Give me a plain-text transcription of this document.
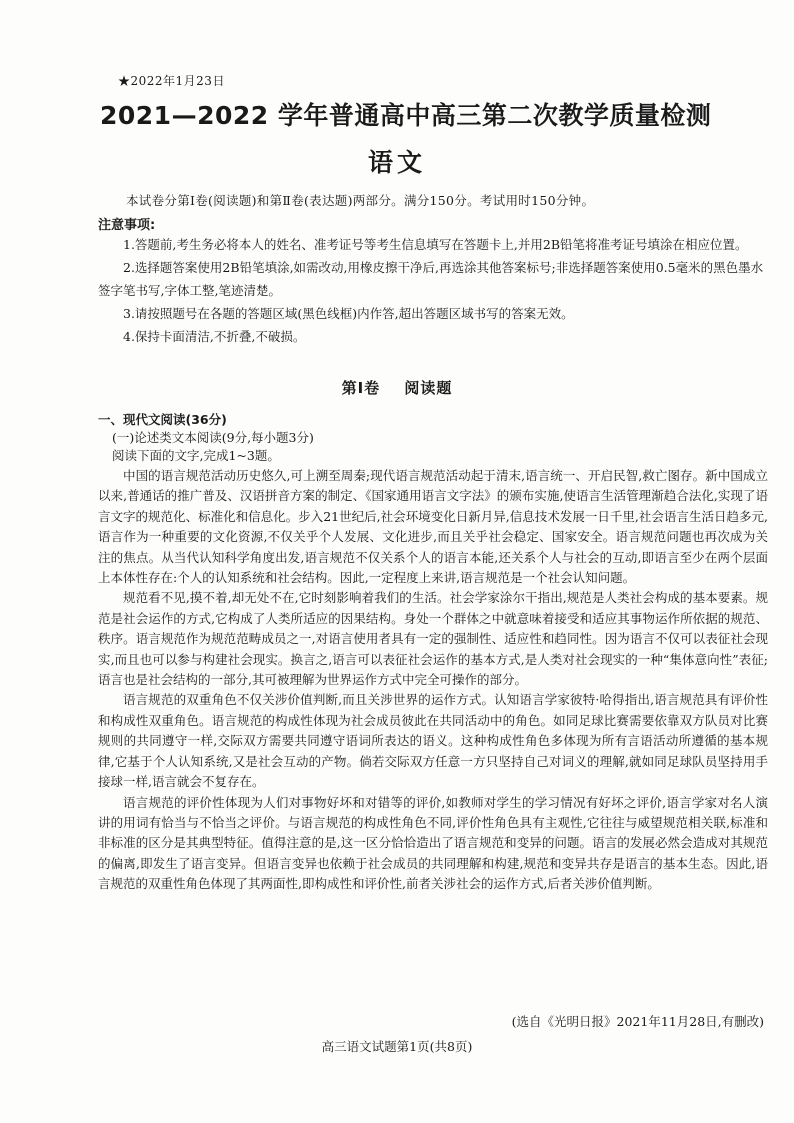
★2022年1月23日
2021—2022 学年普通高中高三第二次教学质量检测
语文
本试卷分第Ⅰ卷(阅读题)和第Ⅱ卷(表达题)两部分。满分150分。考试用时150分钟。
注意事项:

1.答题前,考生务必将本人的姓名、准考证号等考生信息填写在答题卡上,并用2B铅笔将准考证号填涂在相应位置。

2.选择题答案使用2B铅笔填涂,如需改动,用橡皮擦干净后,再选涂其他答案标号;非选择题答案使用0.5毫米的黑色墨水签字笔书写,字体工整,笔迹清楚。

3.请按照题号在各题的答题区域(黑色线框)内作答,超出答题区域书写的答案无效。

4.保持卡面清洁,不折叠,不破损。

第Ⅰ卷 阅读题
一、现代文阅读(36分)
(一)论述类文本阅读(9分,每小题3分)
阅读下面的文字,完成1~3题。

中国的语言规范活动历史悠久,可上溯至周秦;现代语言规范活动起于清末,语言统一、开启民智,救亡图存。新中国成立以来,普通话的推广普及、汉语拼音方案的制定、《国家通用语言文字法》的颁布实施,使语言生活管理渐趋合法化,实现了语言文字的规范化、标准化和信息化。步入21世纪后,社会环境变化日新月异,信息技术发展一日千里,社会语言生活日趋多元,语言作为一种重要的文化资源,不仅关乎个人发展、文化进步,而且关乎社会稳定、国家安全。语言规范问题也再次成为关注的焦点。从当代认知科学角度出发,语言规范不仅关系个人的语言本能,还关系个人与社会的互动,即语言至少在两个层面上本体性存在:个人的认知系统和社会结构。因此,一定程度上来讲,语言规范是一个社会认知问题。

规范看不见,摸不着,却无处不在,它时刻影响着我们的生活。社会学家涂尔干指出,规范是人类社会构成的基本要素。规范是社会运作的方式,它构成了人类所适应的因果结构。身处一个群体之中就意味着接受和适应其事物运作所依据的规范、秩序。语言规范作为规范范畴成员之一,对语言使用者具有一定的强制性、适应性和趋同性。因为语言不仅可以表征社会现实,而且也可以参与构建社会现实。换言之,语言可以表征社会运作的基本方式,是人类对社会现实的一种“集体意向性”表征;语言也是社会结构的一部分,其可被理解为世界运作方式中完全可操作的部分。

语言规范的双重角色不仅关涉价值判断,而且关涉世界的运作方式。认知语言学家彼特·哈得指出,语言规范具有评价性和构成性双重角色。语言规范的构成性体现为社会成员彼此在共同活动中的角色。如同足球比赛需要依靠双方队员对比赛规则的共同遵守一样,交际双方需要共同遵守语词所表达的语义。这种构成性角色多体现为所有言语活动所遵循的基本规律,它基于个人认知系统,又是社会互动的产物。倘若交际双方任意一方只坚持自己对词义的理解,就如同足球队员坚持用手接球一样,语言就会不复存在。

语言规范的评价性体现为人们对事物好坏和对错等的评价,如教师对学生的学习情况有好坏之评价,语言学家对名人演讲的用词有恰当与不恰当之评价。与语言规范的构成性角色不同,评价性角色具有主观性,它往往与威望规范相关联,标准和非标准的区分是其典型特征。值得注意的是,这一区分恰恰造出了语言规范和变异的问题。语言的发展必然会造成对其规范的偏离,即发生了语言变异。但语言变异也依赖于社会成员的共同理解和构建,规范和变异共存是语言的基本生态。因此,语言规范的双重性角色体现了其两面性,即构成性和评价性,前者关涉社会的运作方式,后者关涉价值判断。

(选自《光明日报》2021年11月28日,有删改)
高三语文试题第1页(共8页)
